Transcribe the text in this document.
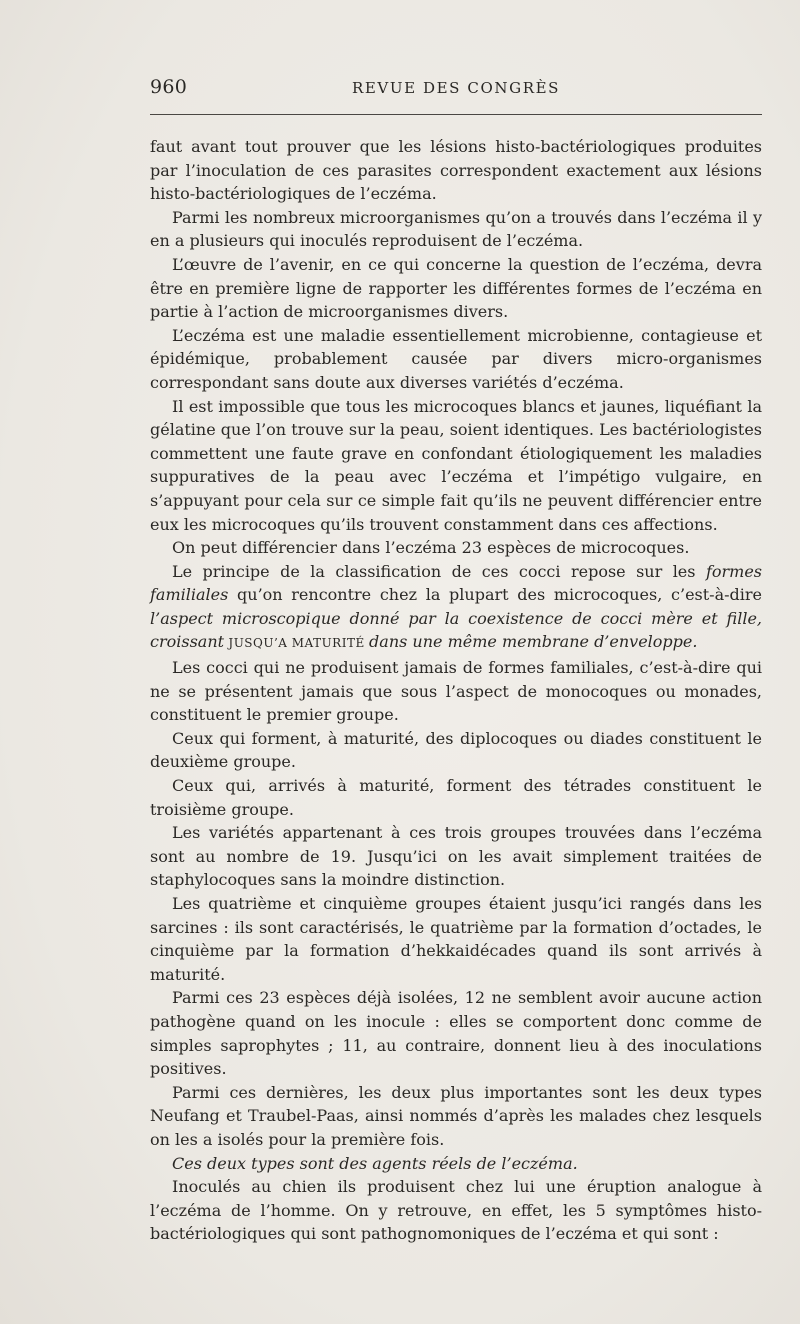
960	REVUE DES CONGRÈS

faut avant tout prouver que les lésions histo-bactériologiques produites par l’inoculation de ces parasites correspondent exactement aux lésions histo-bactériologiques de l’eczéma.

Parmi les nombreux microorganismes qu’on a trouvés dans l’eczéma il y en a plusieurs qui inoculés reproduisent de l’eczéma.

L’œuvre de l’avenir, en ce qui concerne la question de l’eczéma, devra être en première ligne de rapporter les différentes formes de l’eczéma en partie à l’action de microorganismes divers.

L’eczéma est une maladie essentiellement microbienne, contagieuse et épidémique, probablement causée par divers micro-organismes correspondant sans doute aux diverses variétés d’eczéma.

Il est impossible que tous les microcoques blancs et jaunes, liquéfiant la gélatine que l’on trouve sur la peau, soient identiques. Les bactériologistes commettent une faute grave en confondant étiologiquement les maladies suppuratives de la peau avec l’eczéma et l’impétigo vulgaire, en s’appuyant pour cela sur ce simple fait qu’ils ne peuvent différencier entre eux les microcoques qu’ils trouvent constamment dans ces affections.

On peut différencier dans l’eczéma 23 espèces de microcoques.

Le principe de la classification de ces cocci repose sur les formes familiales qu’on rencontre chez la plupart des microcoques, c’est-à-dire l’aspect microscopique donné par la coexistence de cocci mère et fille, croissant JUSQU’A MATURITÉ dans une même membrane d’enveloppe.

Les cocci qui ne produisent jamais de formes familiales, c’est-à-dire qui ne se présentent jamais que sous l’aspect de monocoques ou monades, constituent le premier groupe.

Ceux qui forment, à maturité, des diplocoques ou diades constituent le deuxième groupe.

Ceux qui, arrivés à maturité, forment des tétrades constituent le troisième groupe.

Les variétés appartenant à ces trois groupes trouvées dans l’eczéma sont au nombre de 19. Jusqu’ici on les avait simplement traitées de staphylocoques sans la moindre distinction.

Les quatrième et cinquième groupes étaient jusqu’ici rangés dans les sarcines : ils sont caractérisés, le quatrième par la formation d’octades, le cinquième par la formation d’hekkaidécades quand ils sont arrivés à maturité.

Parmi ces 23 espèces déjà isolées, 12 ne semblent avoir aucune action pathogène quand on les inocule : elles se comportent donc comme de simples saprophytes ; 11, au contraire, donnent lieu à des inoculations positives.

Parmi ces dernières, les deux plus importantes sont les deux types Neufang et Traubel-Paas, ainsi nommés d’après les malades chez lesquels on les a isolés pour la première fois.

Ces deux types sont des agents réels de l’eczéma.

Inoculés au chien ils produisent chez lui une éruption analogue à l’eczéma de l’homme. On y retrouve, en effet, les 5 symptômes histo-bactériologiques qui sont pathognomoniques de l’eczéma et qui sont :
